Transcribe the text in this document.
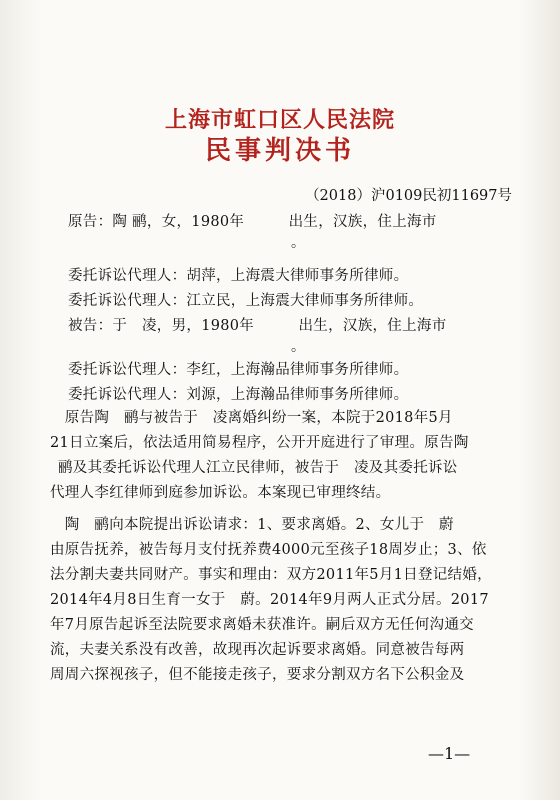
上海市虹口区人民法院
民事判决书
（2018）沪0109民初11697号
原告：陶 鹂，女，1980年　　　出生，汉族，住上海市
。
委托诉讼代理人：胡萍，上海震大律师事务所律师。
委托诉讼代理人：江立民，上海震大律师事务所律师。
被告：于　凌，男，1980年　　　出生，汉族，住上海市
。
委托诉讼代理人：李红，上海瀚品律师事务所律师。
委托诉讼代理人：刘源，上海瀚品律师事务所律师。
　原告陶　鹂与被告于　凌离婚纠纷一案，本院于2018年5月
21日立案后，依法适用简易程序，公开开庭进行了审理。原告陶
鹂及其委托诉讼代理人江立民律师，被告于　凌及其委托诉讼
代理人李红律师到庭参加诉讼。本案现已审理终结。
　陶　鹂向本院提出诉讼请求：1、要求离婚。2、女儿于　蔚
由原告抚养，被告每月支付抚养费4000元至孩子18周岁止；3、依
法分割夫妻共同财产。事实和理由：双方2011年5月1日登记结婚，
2014年4月8日生育一女于　蔚。2014年9月两人正式分居。2017
年7月原告起诉至法院要求离婚未获准许。嗣后双方无任何沟通交
流，夫妻关系没有改善，故现再次起诉要求离婚。同意被告每两
周周六探视孩子，但不能接走孩子，要求分割双方名下公积金及
—1—
